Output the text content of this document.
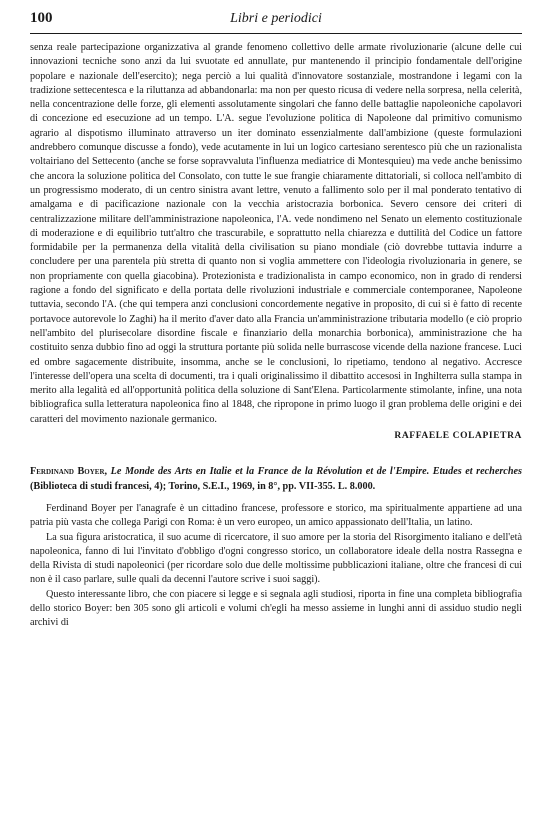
100	Libri e periodici

senza reale partecipazione organizzativa al grande fenomeno collettivo delle armate rivoluzionarie (alcune delle cui innovazioni tecniche sono anzi da lui svuotate ed annullate, pur mantenendo il principio fondamentale dell'origine popolare e nazionale dell'esercito); nega perciò a lui qualità d'innovatore sostanziale, mostrandone i legami con la tradizione settecentesca e la riluttanza ad abbandonarla: ma non per questo ricusa di vedere nella sorpresa, nella celerità, nella concentrazione delle forze, gli elementi assolutamente singolari che fanno delle battaglie napoleoniche capolavori di concezione ed esecuzione ad un tempo. L'A. segue l'evoluzione politica di Napoleone dal primitivo comunismo agrario al dispotismo illuminato attraverso un iter dominato essenzialmente dall'ambizione (queste formulazioni andrebbero comunque discusse a fondo), vede acutamente in lui un logico cartesiano serentesco più che un razionalista voltairiano del Settecento (anche se forse sopravvaluta l'influenza mediatrice di Montesquieu) ma vede anche benissimo che ancora la soluzione politica del Consolato, con tutte le sue frangie chiaramente dittatoriali, si colloca nell'ambito di un progressismo moderato, di un centro sinistra avant lettre, venuto a fallimento solo per il mal ponderato tentativo di amalgama e di pacificazione nazionale con la vecchia aristocrazia borbonica. Severo censore dei criteri di centralizzazione militare dell'amministrazione napoleonica, l'A. vede nondimeno nel Senato un elemento costituzionale di moderazione e di equilibrio tutt'altro che trascurabile, e soprattutto nella chiarezza e duttilità del Codice un fattore formidabile per la permanenza della vitalità della civilisation su piano mondiale (ciò dovrebbe tuttavia indurre a concludere per una parentela più stretta di quanto non si voglia ammettere con l'ideologia rivoluzionaria in genere, se non propriamente con quella giacobina). Protezionista e tradizionalista in campo economico, non in grado di rendersi ragione a fondo del significato e della portata delle rivoluzioni industriale e commerciale contemporanee, Napoleone tuttavia, secondo l'A. (che qui tempera anzi conclusioni concordemente negative in proposito, di cui si è fatto di recente portavoce autorevole lo Zaghi) ha il merito d'aver dato alla Francia un'amministrazione tributaria modello (e ciò proprio nell'ambito del plurisecolare disordine fiscale e finanziario della monarchia borbonica), amministrazione che ha costituito senza dubbio fino ad oggi la struttura portante più solida nelle burrascose vicende della nazione francese. Luci ed ombre sagacemente distribuite, insomma, anche se le conclusioni, lo ripetiamo, tendono al negativo. Accresce l'interesse dell'opera una scelta di documenti, tra i quali originalissimo il dibattito accesosi in Inghilterra sulla stampa in merito alla legalità ed all'opportunità politica della soluzione di Sant'Elena. Particolarmente stimolante, infine, una nota bibliografica sulla letteratura napoleonica fino al 1848, che ripropone in primo luogo il gran problema delle origini e dei caratteri del movimento nazionale germanico.

RAFFAELE COLAPIETRA

Ferdinand Boyer, Le Monde des Arts en Italie et la France de la Révolution et de l'Empire. Etudes et recherches (Biblioteca di studi francesi, 4); Torino, S.E.I., 1969, in 8°, pp. VII-355. L. 8.000.

Ferdinand Boyer per l'anagrafe è un cittadino francese, professore e storico, ma spiritualmente appartiene ad una patria più vasta che collega Parigi con Roma: è un vero europeo, un amico appassionato dell'Italia, un latino.

La sua figura aristocratica, il suo acume di ricercatore, il suo amore per la storia del Risorgimento italiano e dell'età napoleonica, fanno di lui l'invitato d'obbligo d'ogni congresso storico, un collaboratore ideale della nostra Rassegna e della Rivista di studi napoleonici (per ricordare solo due delle moltissime pubblicazioni italiane, oltre che francesi di cui non è il caso parlare, sulle quali da decenni l'autore scrive i suoi saggi).

Questo interessante libro, che con piacere si legge e si segnala agli studiosi, riporta in fine una completa bibliografia dello storico Boyer: ben 305 sono gli articoli e volumi ch'egli ha messo assieme in lunghi anni di assiduo studio negli archivi di
